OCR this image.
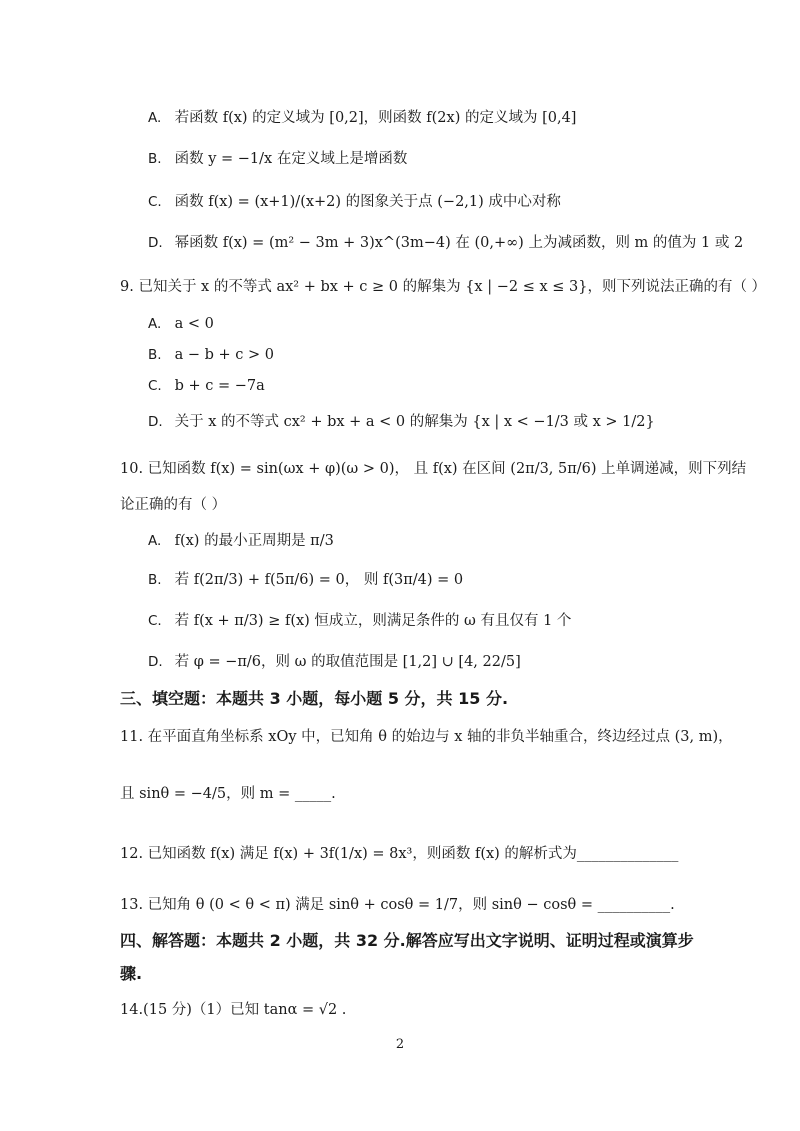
A. 若函数 f(x) 的定义域为 [0,2]，则函数 f(2x) 的定义域为 [0,4]
B. 函数 y = −1/x 在定义域上是增函数
C. 函数 f(x) = (x+1)/(x+2) 的图象关于点 (−2,1) 成中心对称
D. 幂函数 f(x) = (m² − 3m + 3)x^(3m−4) 在 (0,+∞) 上为减函数，则 m 的值为 1 或 2
9. 已知关于 x 的不等式 ax² + bx + c ≥ 0 的解集为 {x | −2 ≤ x ≤ 3}，则下列说法正确的有（ ）
A. a < 0
B. a − b + c > 0
C. b + c = −7a
D. 关于 x 的不等式 cx² + bx + a < 0 的解集为 {x | x < −1/3 或 x > 1/2}
10. 已知函数 f(x) = sin(ωx + φ)(ω > 0)， 且 f(x) 在区间 (2π/3, 5π/6) 上单调递减，则下列结
论正确的有（ ）
A. f(x) 的最小正周期是 π/3
B. 若 f(2π/3) + f(5π/6) = 0， 则 f(3π/4) = 0
C. 若 f(x + π/3) ≥ f(x) 恒成立，则满足条件的 ω 有且仅有 1 个
D. 若 φ = −π/6，则 ω 的取值范围是 [1,2] ∪ [4, 22/5]
三、填空题：本题共 3 小题，每小题 5 分，共 15 分.
11. 在平面直角坐标系 xOy 中，已知角 θ 的始边与 x 轴的非负半轴重合，终边经过点 (3, m)，
且 sinθ = −4/5，则 m = _____.
12. 已知函数 f(x) 满足 f(x) + 3f(1/x) = 8x³，则函数 f(x) 的解析式为______________
13. 已知角 θ (0 < θ < π) 满足 sinθ + cosθ = 1/7，则 sinθ − cosθ = __________.
四、解答题：本题共 2 小题，共 32 分.解答应写出文字说明、证明过程或演算步
骤.
14.(15 分)（1）已知 tanα = √2 .
2
